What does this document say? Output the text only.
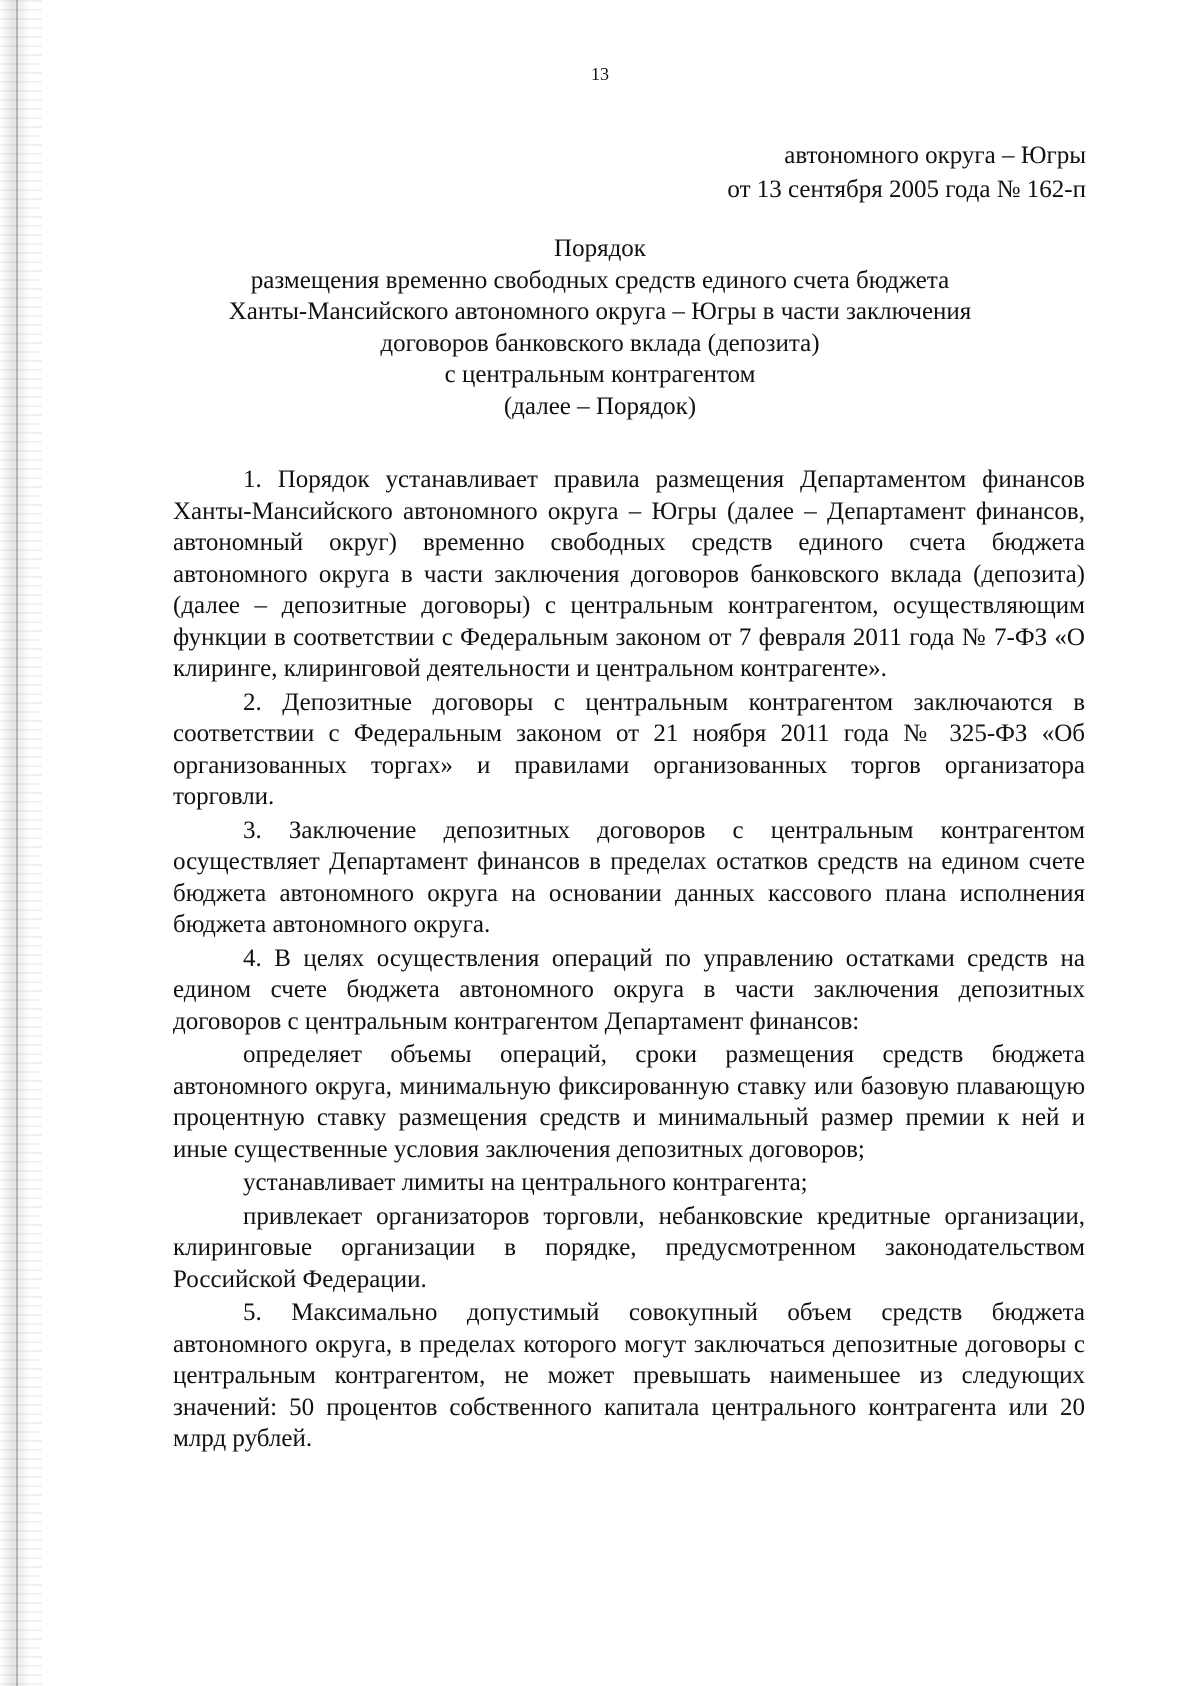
13
автономного округа – Югры
от 13 сентября 2005 года № 162-п
Порядок
размещения временно свободных средств единого счета бюджета
Ханты-Мансийского автономного округа – Югры в части заключения
договоров банковского вклада (депозита)
с центральным контрагентом
(далее – Порядок)

1. Порядок устанавливает правила размещения Департаментом финансов Ханты-Мансийского автономного округа – Югры (далее – Департамент финансов, автономный округ) временно свободных средств единого счета бюджета автономного округа в части заключения договоров банковского вклада (депозита) (далее – депозитные договоры) с центральным контрагентом, осуществляющим функции в соответствии с Федеральным законом от 7 февраля 2011 года № 7-ФЗ «О клиринге, клиринговой деятельности и центральном контрагенте».

2. Депозитные договоры с центральным контрагентом заключаются в соответствии с Федеральным законом от 21 ноября 2011 года № 325-ФЗ «Об организованных торгах» и правилами организованных торгов организатора торговли.

3. Заключение депозитных договоров с центральным контрагентом осуществляет Департамент финансов в пределах остатков средств на едином счете бюджета автономного округа на основании данных кассового плана исполнения бюджета автономного округа.

4. В целях осуществления операций по управлению остатками средств на едином счете бюджета автономного округа в части заключения депозитных договоров с центральным контрагентом Департамент финансов:

определяет объемы операций, сроки размещения средств бюджета автономного округа, минимальную фиксированную ставку или базовую плавающую процентную ставку размещения средств и минимальный размер премии к ней и иные существенные условия заключения депозитных договоров;

устанавливает лимиты на центрального контрагента;

привлекает организаторов торговли, небанковские кредитные организации, клиринговые организации в порядке, предусмотренном законодательством Российской Федерации.

5. Максимально допустимый совокупный объем средств бюджета автономного округа, в пределах которого могут заключаться депозитные договоры с центральным контрагентом, не может превышать наименьшее из следующих значений: 50 процентов собственного капитала центрального контрагента или 20 млрд рублей.
